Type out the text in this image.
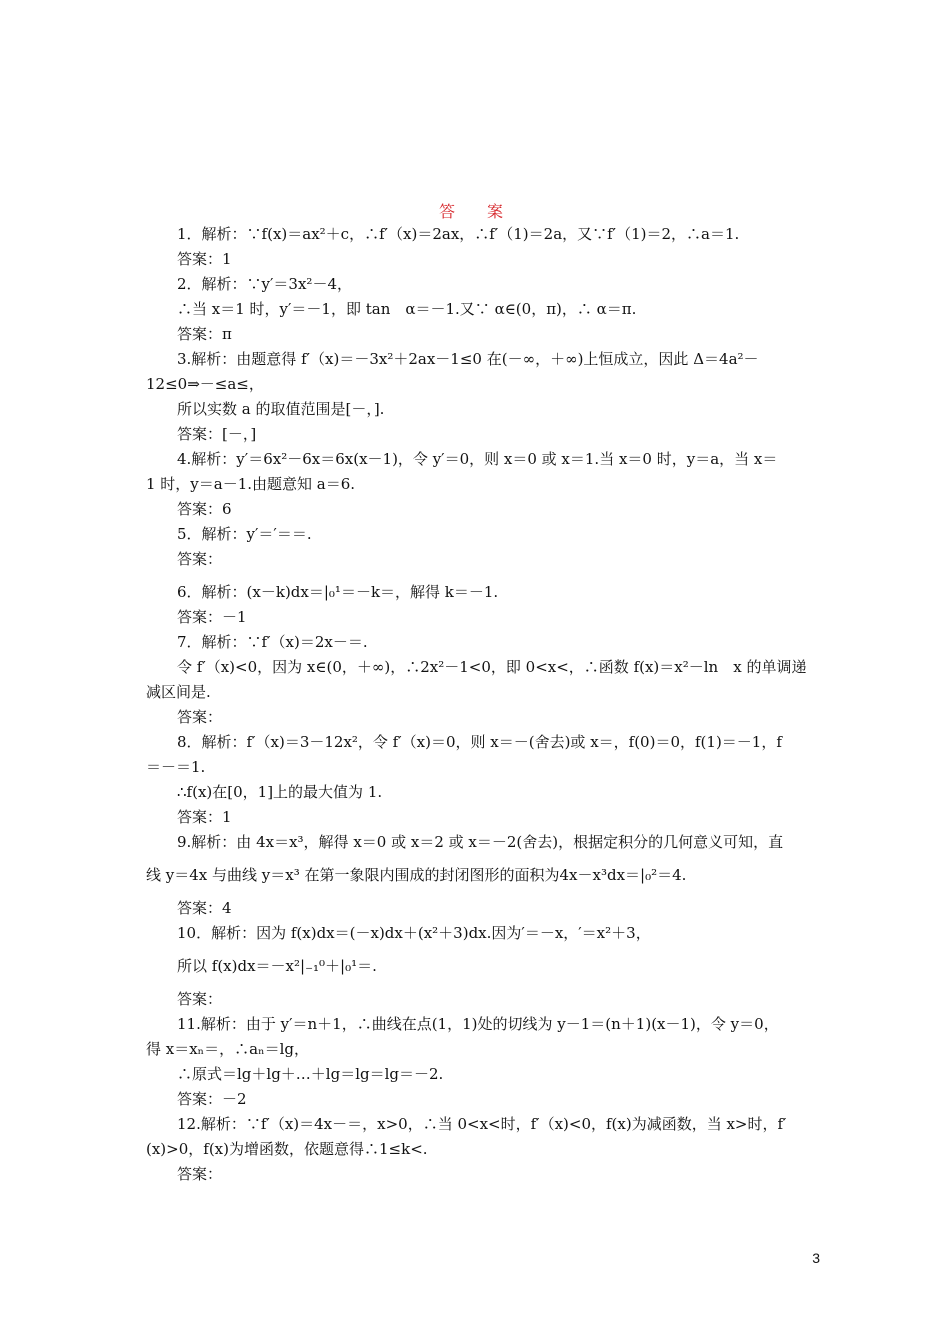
答　案
1．解析：∵f(x)＝ax²＋c，∴f′（x)＝2ax，∴f′（1)＝2a，又∵f′（1)＝2，∴a＝1.
答案：1
2．解析：∵y′＝3x²－4，
∴当 x＝1 时，y′＝－1，即 tan　α＝－1.又∵ α∈(0，π)，∴ α＝π.
答案：π
3.解析：由题意得 f′（x)＝－3x²＋2ax－1≤0 在(－∞，＋∞)上恒成立，因此 Δ＝4a²－
12≤0⇒－≤a≤，
所以实数 a 的取值范围是[－，].
答案：[－，]
4.解析：y′＝6x²－6x＝6x(x－1)，令 y′＝0，则 x＝0 或 x＝1.当 x＝0 时，y＝a，当 x＝
1 时，y＝a－1.由题意知 a＝6.
答案：6
5．解析：y′＝′＝＝.
答案：
6．解析：(x－k)dx＝|₀¹＝－k＝，解得 k＝－1.
答案：－1
7．解析：∵f′（x)＝2x－＝.
令 f′（x)<0，因为 x∈(0，＋∞)，∴2x²－1<0，即 0<x<，∴函数 f(x)＝x²－ln　x 的单调递
减区间是.
答案：
8．解析：f′（x)＝3－12x²，令 f′（x)＝0，则 x＝－(舍去)或 x＝，f(0)＝0，f(1)＝－1，f
＝－＝1.
∴f(x)在[0，1]上的最大值为 1.
答案：1
9.解析：由 4x＝x³，解得 x＝0 或 x＝2 或 x＝－2(舍去)，根据定积分的几何意义可知，直
线 y＝4x 与曲线 y＝x³ 在第一象限内围成的封闭图形的面积为4x－x³dx＝|₀²＝4.
答案：4
10．解析：因为 f(x)dx＝(－x)dx＋(x²＋3)dx.因为′＝－x，′＝x²＋3，
所以 f(x)dx＝－x²|₋₁⁰＋|₀¹＝.
答案：
11.解析：由于 y′＝n＋1，∴曲线在点(1，1)处的切线为 y－1＝(n＋1)(x－1)，令 y＝0，
得 x＝xₙ＝，∴aₙ＝lg，
∴原式＝lg＋lg＋…＋lg＝lg＝lg＝－2.
答案：－2
12.解析：∵f′（x)＝4x－＝，x>0，∴当 0<x<时，f′（x)<0，f(x)为减函数，当 x>时，f′
(x)>0，f(x)为增函数，依题意得∴1≤k<.
答案：
3
